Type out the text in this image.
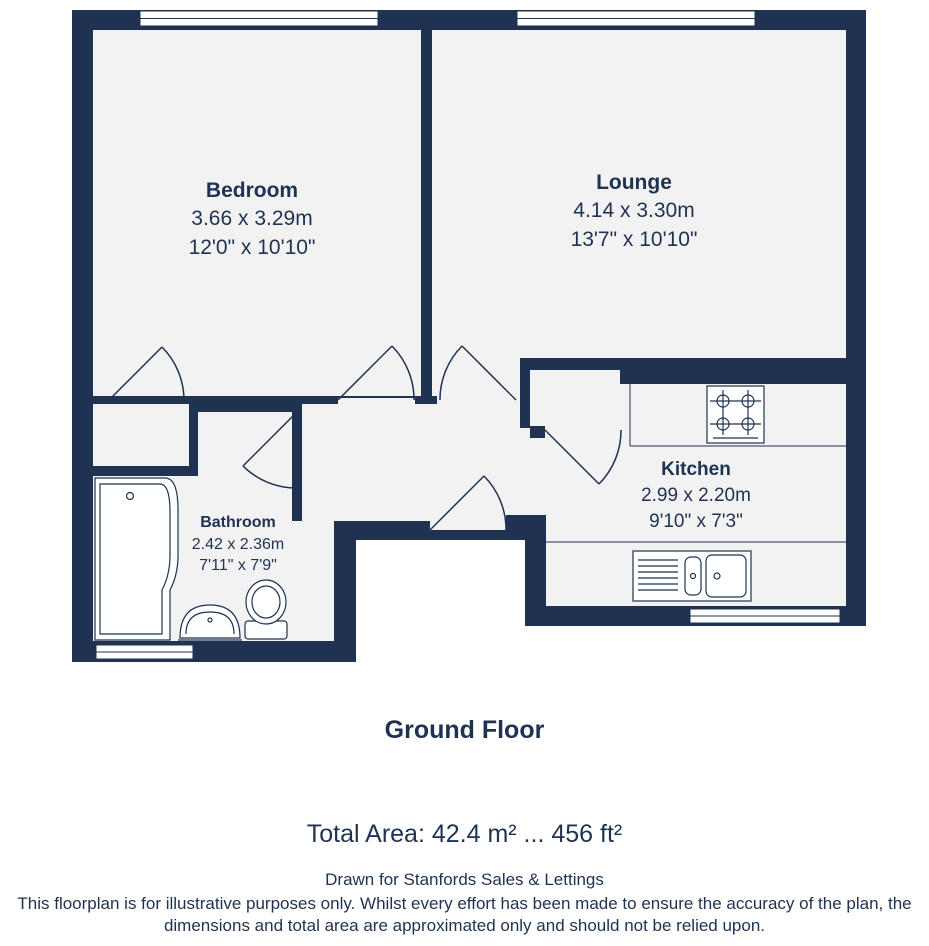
Bedroom
3.66 x 3.29m
12'0" x 10'10"
Lounge
4.14 x 3.30m
13'7" x 10'10"
Kitchen
2.99 x 2.20m
9'10" x 7'3"
Bathroom
2.42 x 2.36m
7'11" x 7'9"
Ground Floor
Total Area: 42.4 m² ... 456 ft²
Drawn for Stanfords Sales & Lettings
This floorplan is for illustrative purposes only. Whilst every effort has been made to ensure the accuracy of the plan, the dimensions and total area are approximated only and should not be relied upon.
